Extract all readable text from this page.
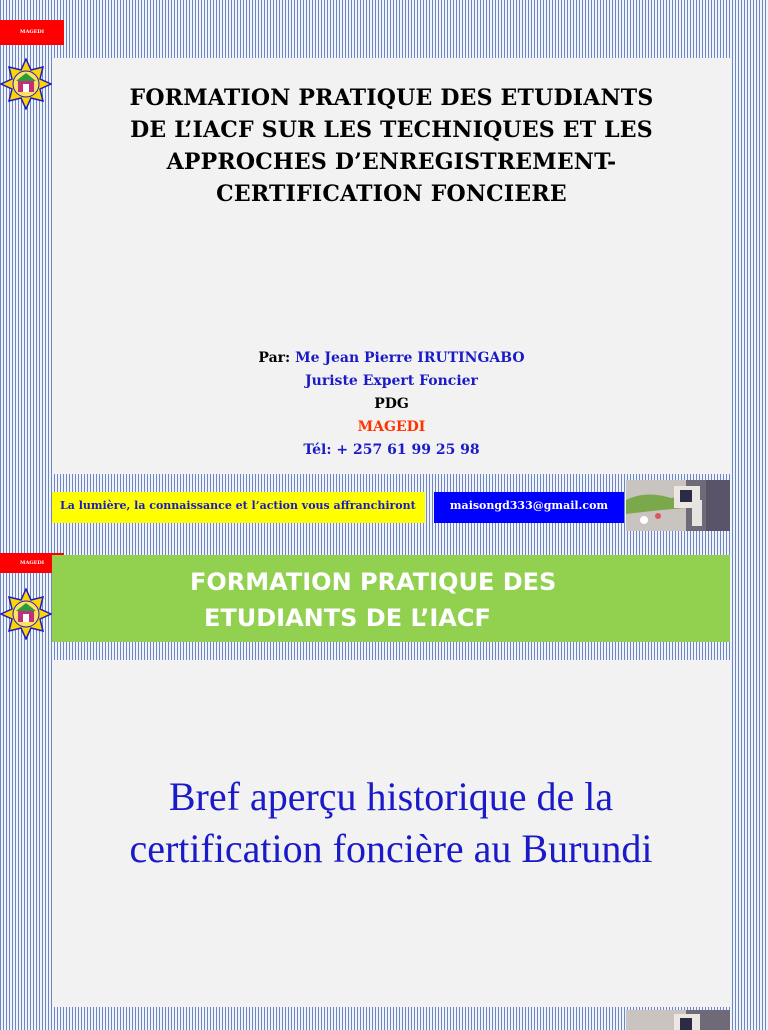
MAGEDI
FORMATION PRATIQUE DES ETUDIANTS
DE L’IACF SUR LES TECHNIQUES ET LES
APPROCHES D’ENREGISTREMENT-
CERTIFICATION FONCIERE
Par: Me Jean Pierre IRUTINGABO
Juriste Expert Foncier
PDG
MAGEDI
Tél: + 257 61 99 25 98
La lumière, la connaissance et l’action vous affranchiront	maisongd333@gmail.com
MAGEDI
FORMATION PRATIQUE DES
ETUDIANTS DE L’IACF
Bref aperçu historique de la
certification foncière au Burundi
